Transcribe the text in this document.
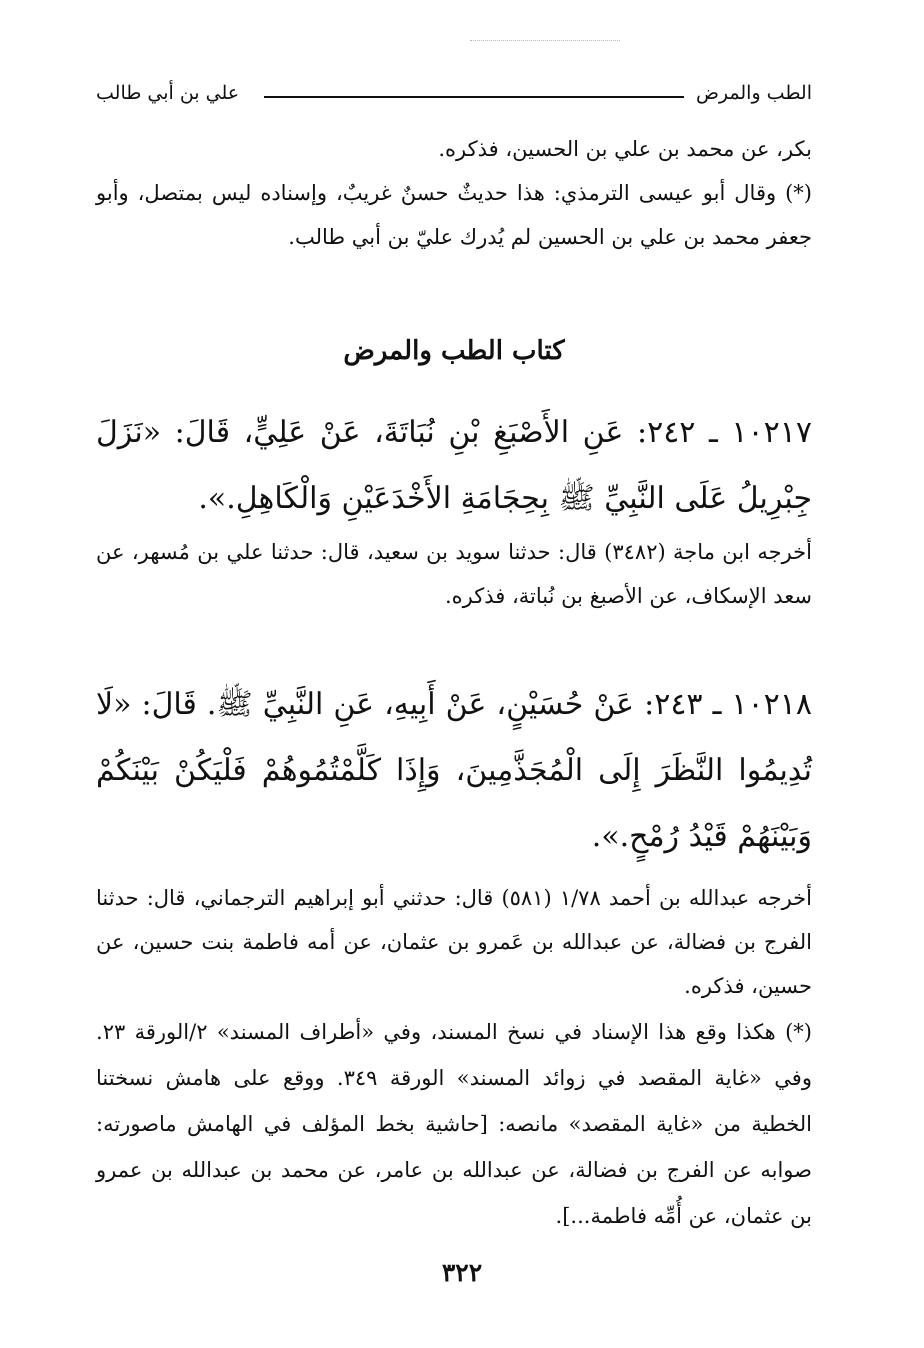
الطب والمرض
علي بن أبي طالب

بكر، عن محمد بن علي بن الحسين، فذكره.

(*) وقال أبو عيسى الترمذي: هذا حديثٌ حسنٌ غريبٌ، وإسناده ليس بمتصل، وأبو جعفر محمد بن علي بن الحسين لم يُدرك عليّ بن أبي طالب.

كتاب الطب والمرض

١٠٢١٧ ـ ٢٤٢: عَنِ الأَصْبَغِ بْنِ نُبَاتَةَ، عَنْ عَلِيٍّ، قَالَ: «نَزَلَ جِبْرِيلُ عَلَى النَّبِيِّ ﷺ بِحِجَامَةِ الأَخْدَعَيْنِ وَالْكَاهِلِ.».

أخرجه ابن ماجة (٣٤٨٢) قال: حدثنا سويد بن سعيد، قال: حدثنا علي بن مُسهر، عن سعد الإسكاف، عن الأصبغ بن نُباتة، فذكره.

١٠٢١٨ ـ ٢٤٣: عَنْ حُسَيْنٍ، عَنْ أَبِيهِ، عَنِ النَّبِيِّ ﷺ. قَالَ: «لَا تُدِيمُوا النَّظَرَ إِلَى الْمُجَذَّمِينَ، وَإِذَا كَلَّمْتُمُوهُمْ فَلْيَكُنْ بَيْنَكُمْ وَبَيْنَهُمْ قَيْدُ رُمْحٍ.».

أخرجه عبدالله بن أحمد ١/٧٨ (٥٨١) قال: حدثني أبو إبراهيم الترجماني، قال: حدثنا الفرج بن فضالة، عن عبدالله بن عَمرو بن عثمان، عن أمه فاطمة بنت حسين، عن حسين، فذكره.

(*) هكذا وقع هذا الإسناد في نسخ المسند، وفي «أطراف المسند» ٢/الورقة ٢٣. وفي «غاية المقصد في زوائد المسند» الورقة ٣٤٩. ووقع على هامش نسختنا الخطية من «غاية المقصد» مانصه: [حاشية بخط المؤلف في الهامش ماصورته: صوابه عن الفرج بن فضالة، عن عبدالله بن عامر، عن محمد بن عبدالله بن عمرو بن عثمان، عن أُمِّه فاطمة...].

٣٢٢
